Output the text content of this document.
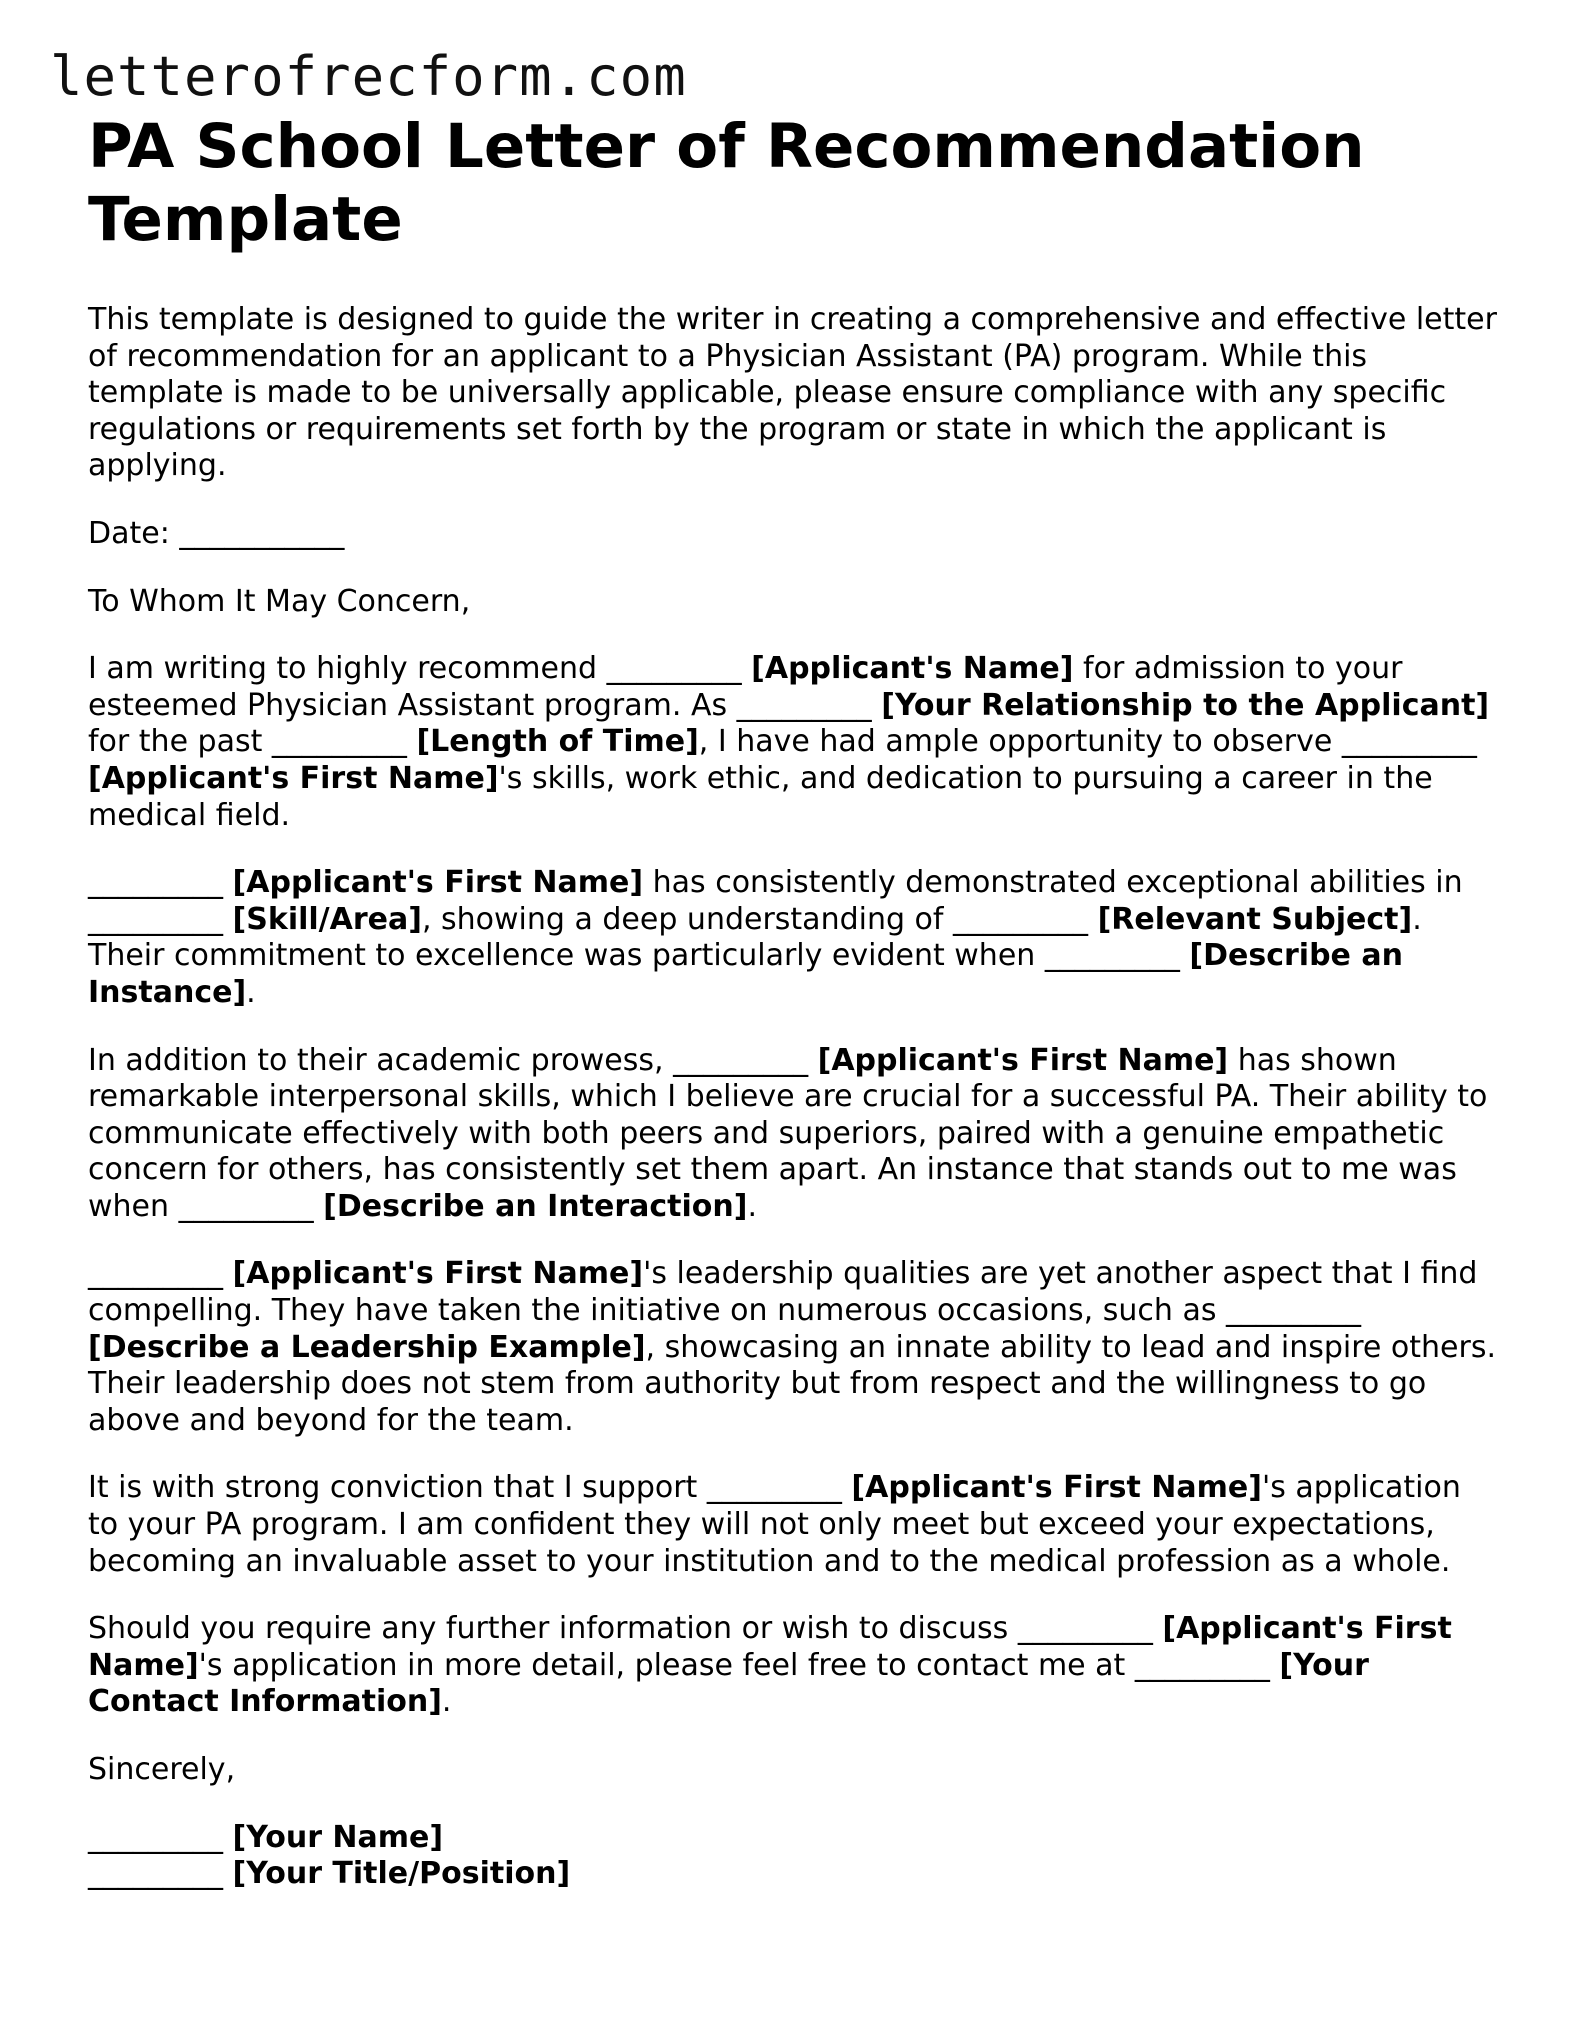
letterofrecform.com
PA School Letter of Recommendation Template

This template is designed to guide the writer in creating a comprehensive and effective letter of recommendation for an applicant to a Physician Assistant (PA) program. While this template is made to be universally applicable, please ensure compliance with any specific regulations or requirements set forth by the program or state in which the applicant is applying.

Date: ___________

To Whom It May Concern,

I am writing to highly recommend _________ [Applicant's Name] for admission to your esteemed Physician Assistant program. As _________ [Your Relationship to the Applicant] for the past _________ [Length of Time], I have had ample opportunity to observe _________ [Applicant's First Name]'s skills, work ethic, and dedication to pursuing a career in the medical field.

_________ [Applicant's First Name] has consistently demonstrated exceptional abilities in _________ [Skill/Area], showing a deep understanding of _________ [Relevant Subject]. Their commitment to excellence was particularly evident when _________ [Describe an Instance].

In addition to their academic prowess, _________ [Applicant's First Name] has shown remarkable interpersonal skills, which I believe are crucial for a successful PA. Their ability to communicate effectively with both peers and superiors, paired with a genuine empathetic concern for others, has consistently set them apart. An instance that stands out to me was when _________ [Describe an Interaction].

_________ [Applicant's First Name]'s leadership qualities are yet another aspect that I find compelling. They have taken the initiative on numerous occasions, such as _________ [Describe a Leadership Example], showcasing an innate ability to lead and inspire others. Their leadership does not stem from authority but from respect and the willingness to go above and beyond for the team.

It is with strong conviction that I support _________ [Applicant's First Name]'s application to your PA program. I am confident they will not only meet but exceed your expectations, becoming an invaluable asset to your institution and to the medical profession as a whole.

Should you require any further information or wish to discuss _________ [Applicant's First Name]'s application in more detail, please feel free to contact me at _________ [Your Contact Information].

Sincerely,

_________ [Your Name]

_________ [Your Title/Position]
